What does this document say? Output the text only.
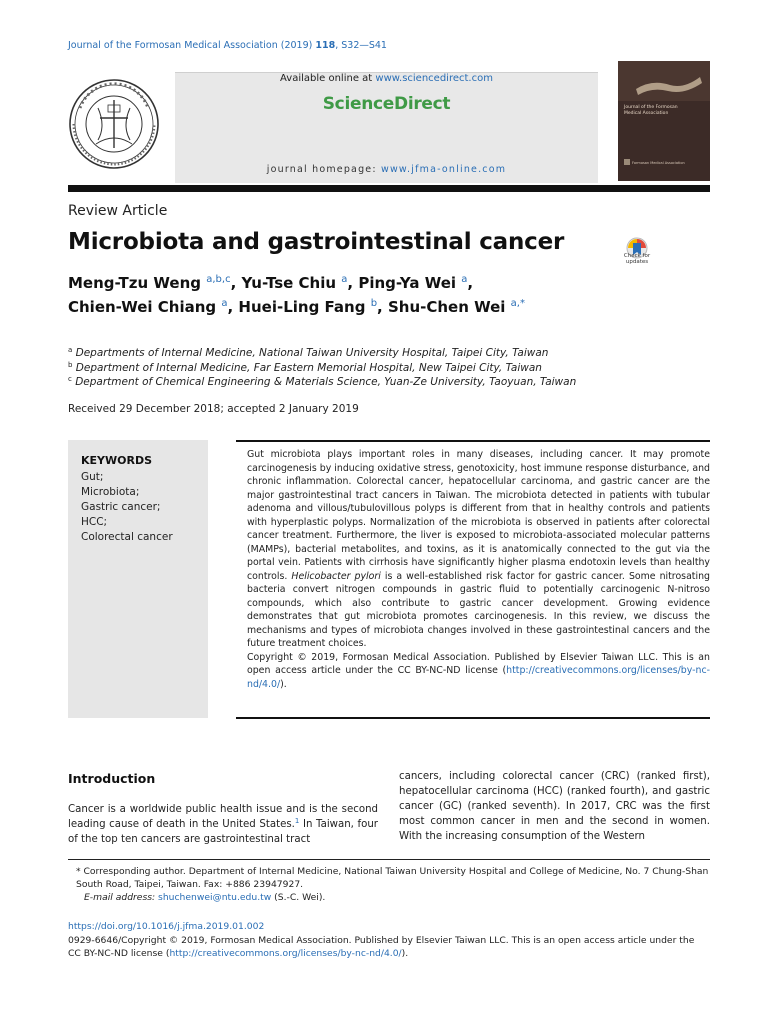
Journal of the Formosan Medical Association (2019) 118, S32—S41
Available online at www.sciencedirect.com
ScienceDirect
journal homepage: www.jfma-online.com
Journal of the Formosan Medical Association
Formosan Medical Association
Review Article
Microbiota and gastrointestinal cancer
Meng-Tzu Weng $^{a,b,c}$, Yu-Tse Chiu $^a$, Ping-Ya Wei $^a$,
Chien-Wei Chiang $^a$, Huei-Ling Fang $^b$, Shu-Chen Wei $^{a,*}$
Check for updates
$^a$ Departments of Internal Medicine, National Taiwan University Hospital, Taipei City, Taiwan
$^b$ Department of Internal Medicine, Far Eastern Memorial Hospital, New Taipei City, Taiwan
$^c$ Department of Chemical Engineering & Materials Science, Yuan-Ze University, Taoyuan, Taiwan
Received 29 December 2018; accepted 2 January 2019
KEYWORDS
Gut;
Microbiota;
Gastric cancer;
HCC;
Colorectal cancer

Gut microbiota plays important roles in many diseases, including cancer. It may promote carcinogenesis by inducing oxidative stress, genotoxicity, host immune response disturbance, and chronic inflammation. Colorectal cancer, hepatocellular carcinoma, and gastric cancer are the major gastrointestinal tract cancers in Taiwan. The microbiota detected in patients with tubular adenoma and villous/tubulovillous polyps is different from that in healthy controls and patients with hyperplastic polyps. Normalization of the microbiota is observed in patients after colorectal cancer treatment. Furthermore, the liver is exposed to microbiota-associated molecular patterns (MAMPs), bacterial metabolites, and toxins, as it is anatomically connected to the gut via the portal vein. Patients with cirrhosis have significantly higher plasma endotoxin levels than healthy controls. Helicobacter pylori is a well-established risk factor for gastric cancer. Some nitrosating bacteria convert nitrogen compounds in gastric fluid to potentially carcinogenic N-nitroso compounds, which also contribute to gastric cancer development. Growing evidence demonstrates that gut microbiota promotes carcinogenesis. In this review, we discuss the mechanisms and types of microbiota changes involved in these gastrointestinal cancers and the future treatment choices.

Copyright © 2019, Formosan Medical Association. Published by Elsevier Taiwan LLC. This is an open access article under the CC BY-NC-ND license (http://creativecommons.org/licenses/by-nc-nd/4.0/).

Introduction
Cancer is a worldwide public health issue and is the second leading cause of death in the United States.$^1$ In Taiwan, four of the top ten cancers are gastrointestinal tract
cancers, including colorectal cancer (CRC) (ranked first), hepatocellular carcinoma (HCC) (ranked fourth), and gastric cancer (GC) (ranked seventh). In 2017, CRC was the first most common cancer in men and the second in women. With the increasing consumption of the Western
* Corresponding author. Department of Internal Medicine, National Taiwan University Hospital and College of Medicine, No. 7 Chung-Shan South Road, Taipei, Taiwan. Fax: +886 23947927.
E-mail address: shuchenwei@ntu.edu.tw (S.-C. Wei).
https://doi.org/10.1016/j.jfma.2019.01.002
0929-6646/Copyright © 2019, Formosan Medical Association. Published by Elsevier Taiwan LLC. This is an open access article under the CC BY-NC-ND license (http://creativecommons.org/licenses/by-nc-nd/4.0/).
